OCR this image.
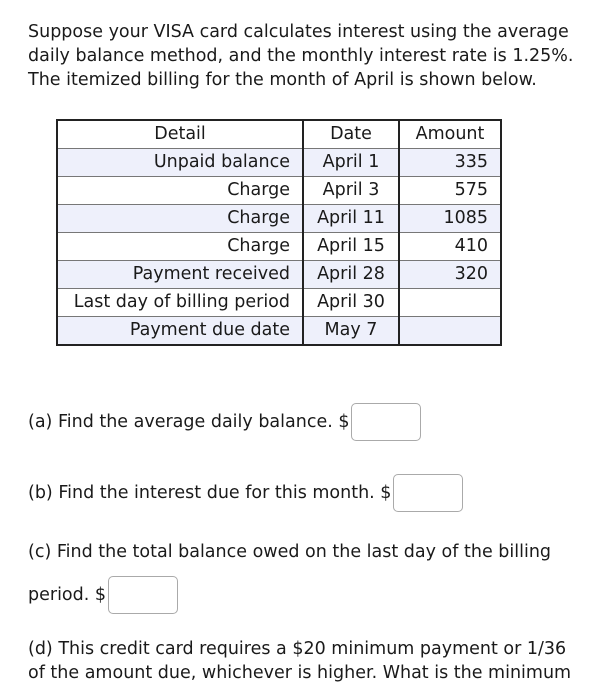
Suppose your VISA card calculates interest using the average

daily balance method, and the monthly interest rate is 1.25%.

The itemized billing for the month of April is shown below.

Detail	Date	Amount
Unpaid balance	April 1	335
Charge	April 3	575
Charge	April 11	1085
Charge	April 15	410
Payment received	April 28	320
Last day of billing period	April 30	
Payment due date	May 7	
(a) Find the average daily balance. $
(b) Find the interest due for this month. $
(c) Find the total balance owed on the last day of the billing
period. $
(d) This credit card requires a $20 minimum payment or 1/36
of the amount due, whichever is higher. What is the minimum
